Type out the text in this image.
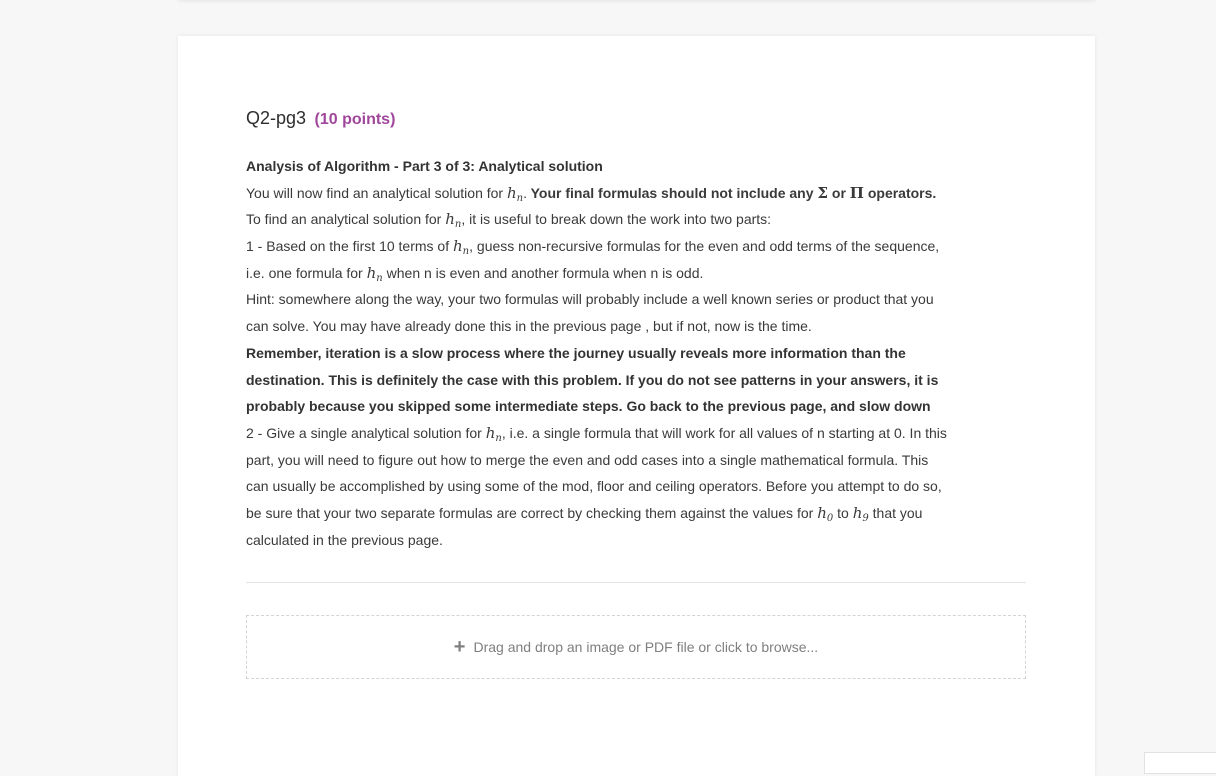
Q2-pg3 (10 points)
Analysis of Algorithm - Part 3 of 3: Analytical solution
You will now find an analytical solution for $h_n$. Your final formulas should not include any Σ or Π operators.
To find an analytical solution for $h_n$, it is useful to break down the work into two parts:
1 - Based on the first 10 terms of $h_n$, guess non-recursive formulas for the even and odd terms of the sequence,
i.e. one formula for $h_n$ when n is even and another formula when n is odd.
Hint: somewhere along the way, your two formulas will probably include a well known series or product that you
can solve. You may have already done this in the previous page , but if not, now is the time.
Remember, iteration is a slow process where the journey usually reveals more information than the
destination. This is definitely the case with this problem. If you do not see patterns in your answers, it is
probably because you skipped some intermediate steps. Go back to the previous page, and slow down
2 - Give a single analytical solution for $h_n$, i.e. a single formula that will work for all values of n starting at 0. In this
part, you will need to figure out how to merge the even and odd cases into a single mathematical formula. This
can usually be accomplished by using some of the mod, floor and ceiling operators. Before you attempt to do so,
be sure that your two separate formulas are correct by checking them against the values for $h_0$ to $h_9$ that you
calculated in the previous page.
+ Drag and drop an image or PDF file or click to browse...
